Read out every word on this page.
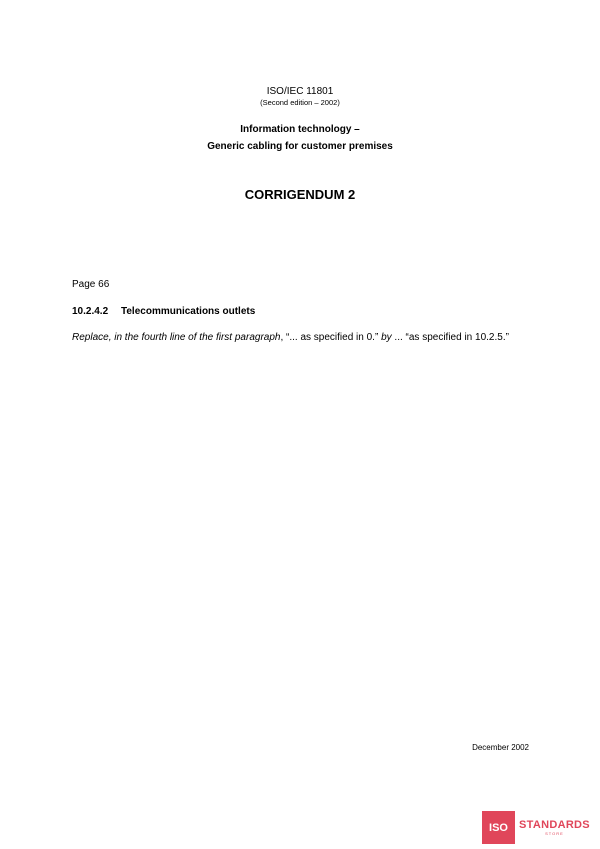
ISO/IEC 11801
(Second edition – 2002)
Information technology –
Generic cabling for customer premises
CORRIGENDUM 2
Page 66
10.2.4.2 Telecommunications outlets
Replace, in the fourth line of the first paragraph, “... as specified in 0.” by ... “as specified in 10.2.5.”
December 2002
ISO	STANDARDS
STORE
